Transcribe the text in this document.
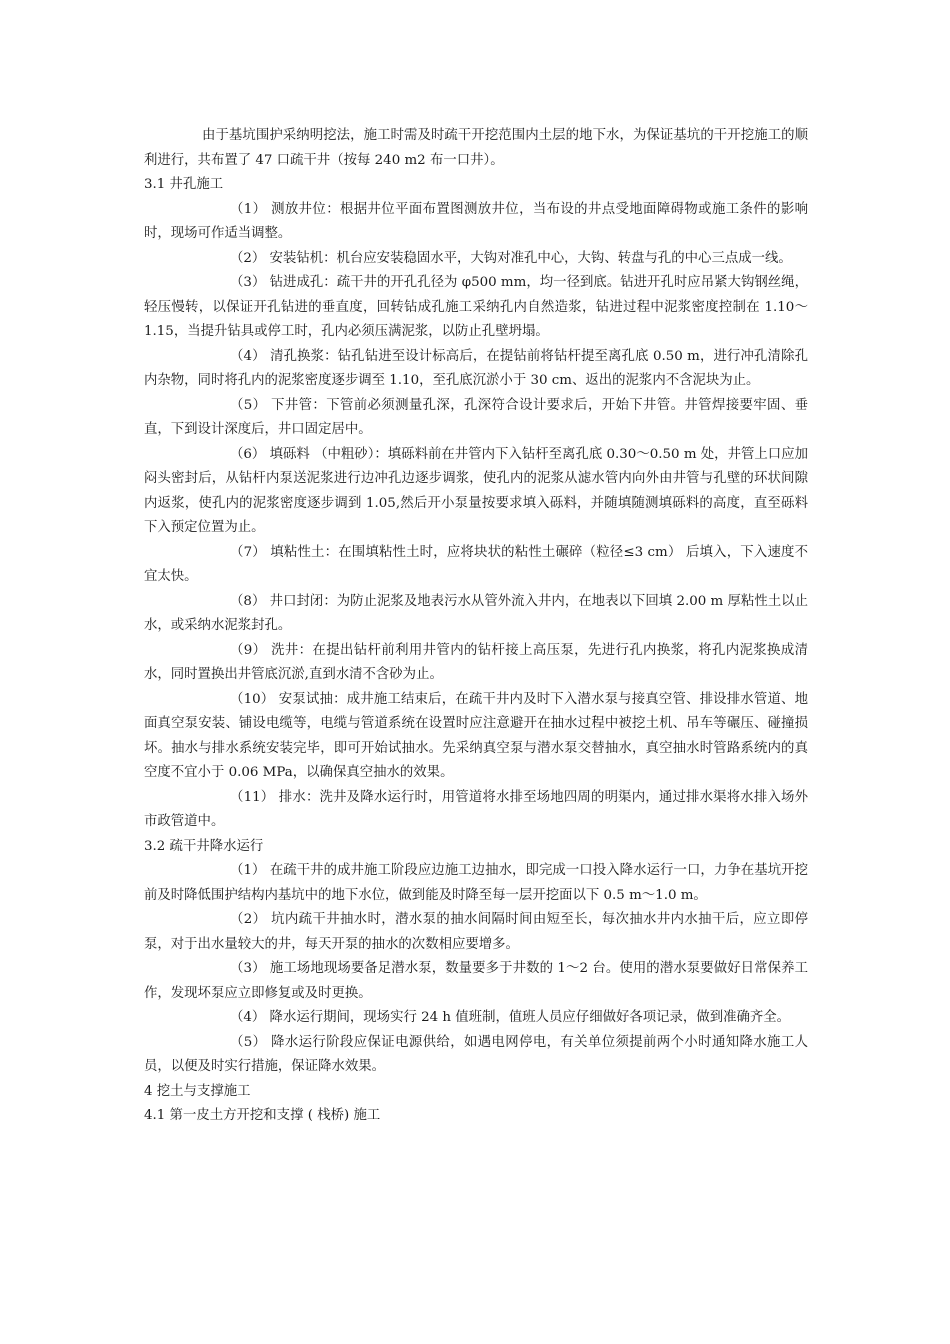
由于基坑围护采纳明挖法，施工时需及时疏干开挖范围内土层的地下水，为保证基坑的干开挖施工的顺利进行，共布置了 47 口疏干井（按每 240 m2 布一口井）。

3.1 井孔施工

（1） 测放井位：根据井位平面布置图测放井位，当布设的井点受地面障碍物或施工条件的影响时，现场可作适当调整。

（2） 安装钻机：机台应安装稳固水平，大钩对准孔中心，大钩、转盘与孔的中心三点成一线。

（3） 钻进成孔：疏干井的开孔孔径为 φ500 mm，均一径到底。钻进开孔时应吊紧大钩钢丝绳，轻压慢转，以保证开孔钻进的垂直度，回转钻成孔施工采纳孔内自然造浆，钻进过程中泥浆密度控制在 1.10～1.15，当提升钻具或停工时，孔内必须压满泥浆，以防止孔壁坍塌。

（4） 清孔换浆：钻孔钻进至设计标高后，在提钻前将钻杆提至离孔底 0.50 m，进行冲孔清除孔内杂物，同时将孔内的泥浆密度逐步调至 1.10，至孔底沉淤小于 30 cm、返出的泥浆内不含泥块为止。

（5） 下井管：下管前必须测量孔深，孔深符合设计要求后，开始下井管。井管焊接要牢固、垂直，下到设计深度后，井口固定居中。

（6） 填砾料 （中粗砂）：填砾料前在井管内下入钻杆至离孔底 0.30～0.50 m 处，井管上口应加闷头密封后，从钻杆内泵送泥浆进行边冲孔边逐步调浆，使孔内的泥浆从滤水管内向外由井管与孔壁的环状间隙内返浆，使孔内的泥浆密度逐步调到 1.05,然后开小泵量按要求填入砾料，并随填随测填砾料的高度，直至砾料下入预定位置为止。

（7） 填粘性土：在围填粘性土时，应将块状的粘性土碾碎（粒径≤3 cm） 后填入，下入速度不宜太快。

（8） 井口封闭：为防止泥浆及地表污水从管外流入井内，在地表以下回填 2.00 m 厚粘性土以止水，或采纳水泥浆封孔。

（9） 洗井：在提出钻杆前利用井管内的钻杆接上高压泵，先进行孔内换浆，将孔内泥浆换成清水，同时置换出井管底沉淤,直到水清不含砂为止。

（10） 安泵试抽：成井施工结束后，在疏干井内及时下入潜水泵与接真空管、排设排水管道、地面真空泵安装、铺设电缆等，电缆与管道系统在设置时应注意避开在抽水过程中被挖土机、吊车等碾压、碰撞损坏。抽水与排水系统安装完毕，即可开始试抽水。先采纳真空泵与潜水泵交替抽水，真空抽水时管路系统内的真空度不宜小于 0.06 MPa，以确保真空抽水的效果。

（11） 排水：洗井及降水运行时，用管道将水排至场地四周的明渠内，通过排水渠将水排入场外市政管道中。

3.2 疏干井降水运行

（1） 在疏干井的成井施工阶段应边施工边抽水，即完成一口投入降水运行一口，力争在基坑开挖前及时降低围护结构内基坑中的地下水位，做到能及时降至每一层开挖面以下 0.5 m～1.0 m。

（2） 坑内疏干井抽水时，潜水泵的抽水间隔时间由短至长，每次抽水井内水抽干后，应立即停泵，对于出水量较大的井，每天开泵的抽水的次数相应要增多。

（3） 施工场地现场要备足潜水泵，数量要多于井数的 1～2 台。使用的潜水泵要做好日常保养工作，发现坏泵应立即修复或及时更换。

（4） 降水运行期间，现场实行 24 h 值班制，值班人员应仔细做好各项记录，做到准确齐全。

（5） 降水运行阶段应保证电源供给，如遇电网停电，有关单位须提前两个小时通知降水施工人员，以便及时实行措施，保证降水效果。

4 挖土与支撑施工

4.1 第一皮土方开挖和支撑 ( 栈桥) 施工
